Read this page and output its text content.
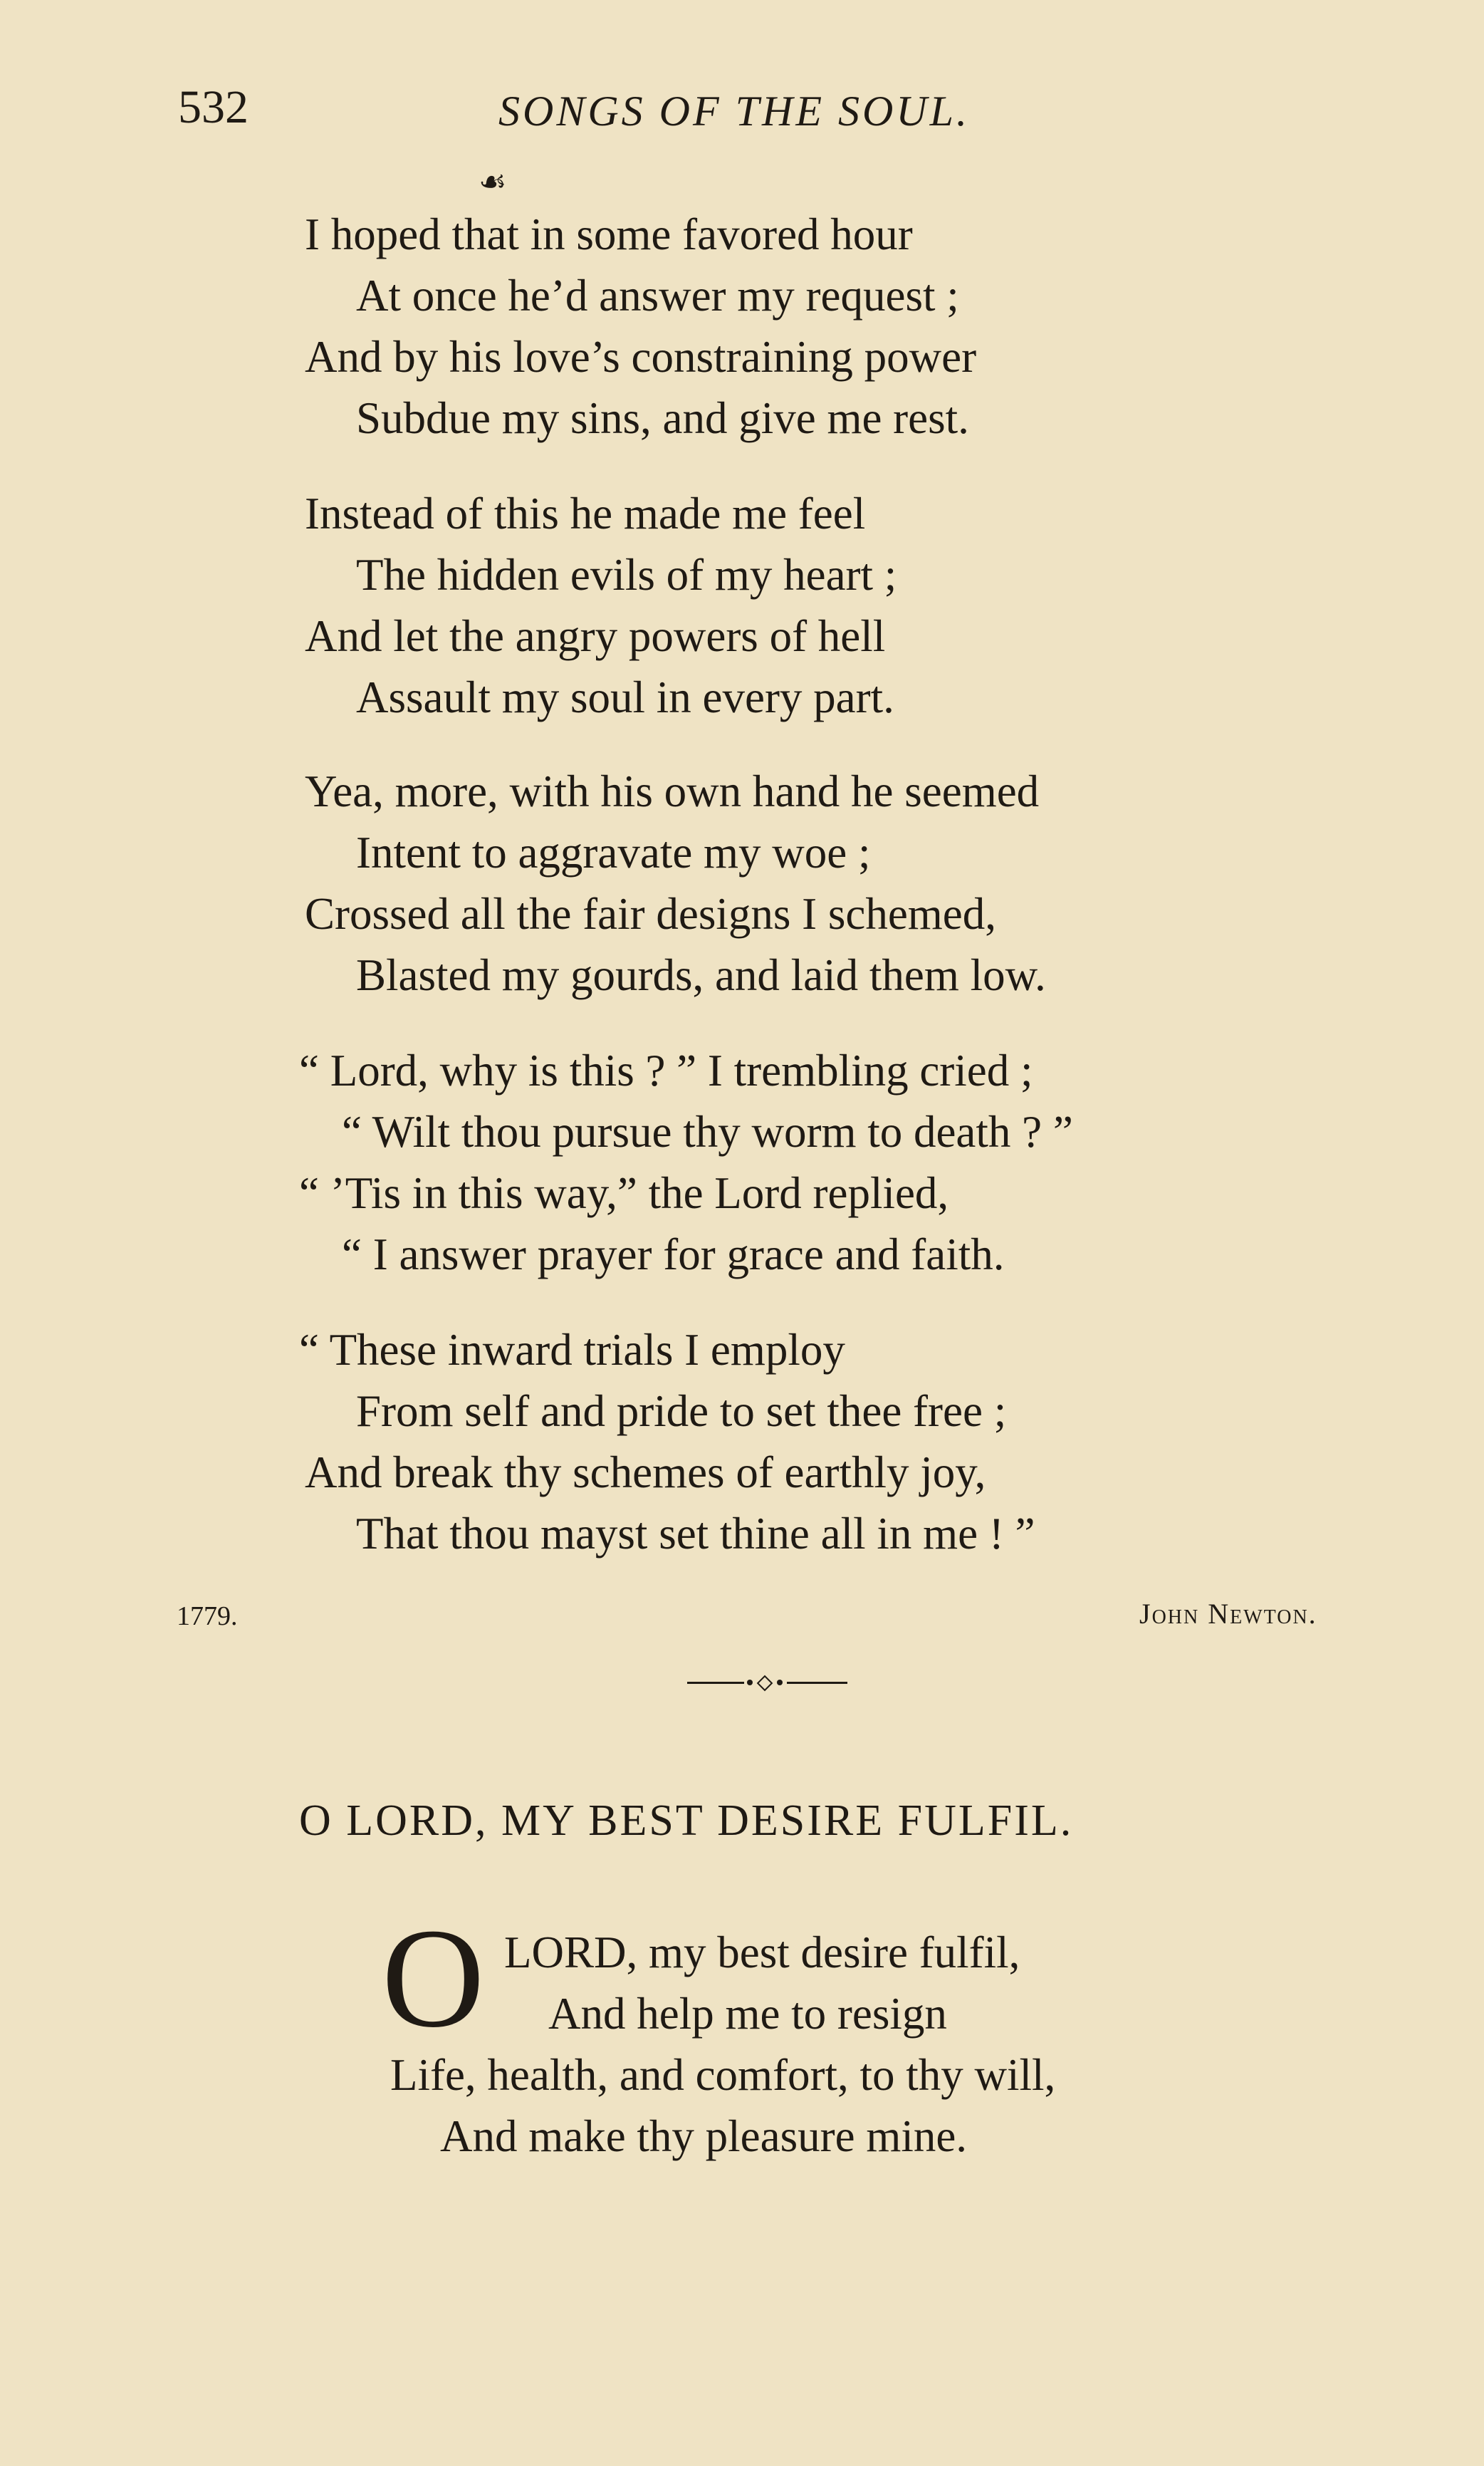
532	SONGS OF THE SOUL.
☙
I hoped that in some favored hour
At once he’d answer my request ;
And by his love’s constraining power
Subdue my sins, and give me rest.
Instead of this he made me feel
The hidden evils of my heart ;
And let the angry powers of hell
Assault my soul in every part.
Yea, more, with his own hand he seemed
Intent to aggravate my woe ;
Crossed all the fair designs I schemed,
Blasted my gourds, and laid them low.
“ Lord, why is this ? ” I trembling cried ;
“ Wilt thou pursue thy worm to death ? ”
“ ’Tis in this way,” the Lord replied,
“ I answer prayer for grace and faith.
“ These inward trials I employ
From self and pride to set thee free ;
And break thy schemes of earthly joy,
That thou mayst set thine all in me ! ”
1779.	John Newton.
O LORD, MY BEST DESIRE FULFIL.
O LORD, my best desire fulfil,
And help me to resign
Life, health, and comfort, to thy will,
And make thy pleasure mine.
